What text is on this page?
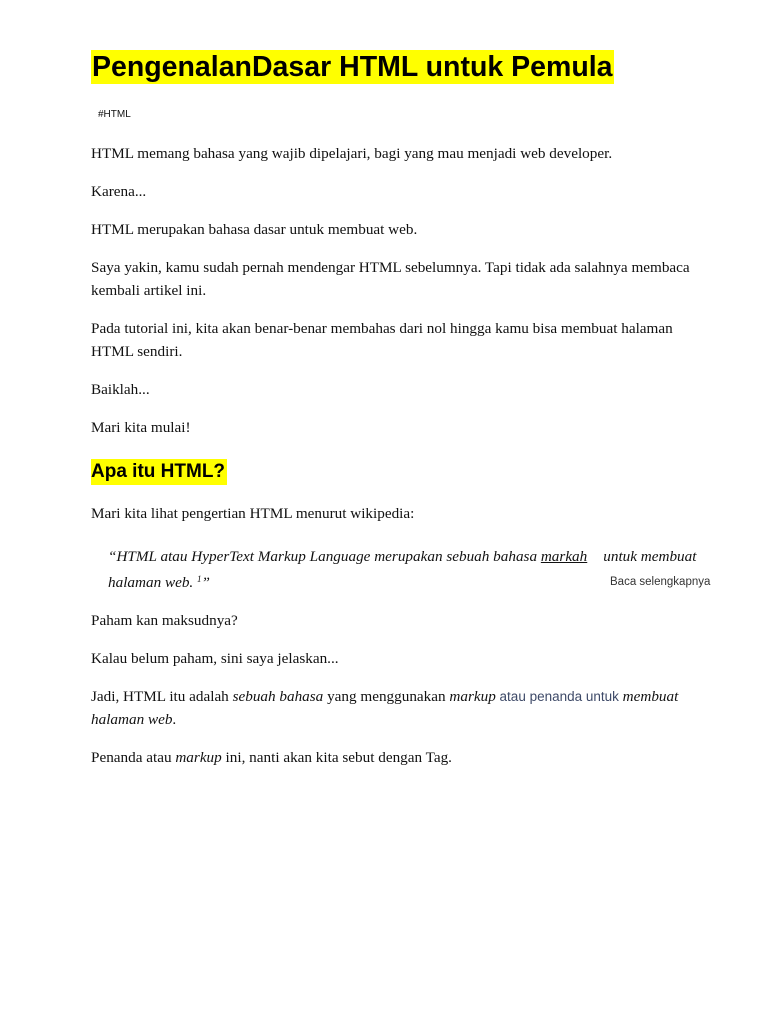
PengenalanDasar HTML untuk Pemula
#HTML

HTML memang bahasa yang wajib dipelajari, bagi yang mau menjadi web developer.

Karena...

HTML merupakan bahasa dasar untuk membuat web.

Saya yakin, kamu sudah pernah mendengar HTML sebelumnya. Tapi tidak ada salahnya membaca kembali artikel ini.

Pada tutorial ini, kita akan benar-benar membahas dari nol hingga kamu bisa membuat halaman HTML sendiri.

Baiklah...

Mari kita mulai!

Apa itu HTML?

Mari kita lihat pengertian HTML menurut wikipedia:

“HTML atau HyperText Markup Language merupakan sebuah bahasa markah untuk membuat
halaman web. $^1$”	Baca selengkapnya

Paham kan maksudnya?

Kalau belum paham, sini saya jelaskan...

Jadi, HTML itu adalah sebuah bahasa yang menggunakan markup atau penanda untuk membuat
halaman web.

Penanda atau markup ini, nanti akan kita sebut dengan Tag.
